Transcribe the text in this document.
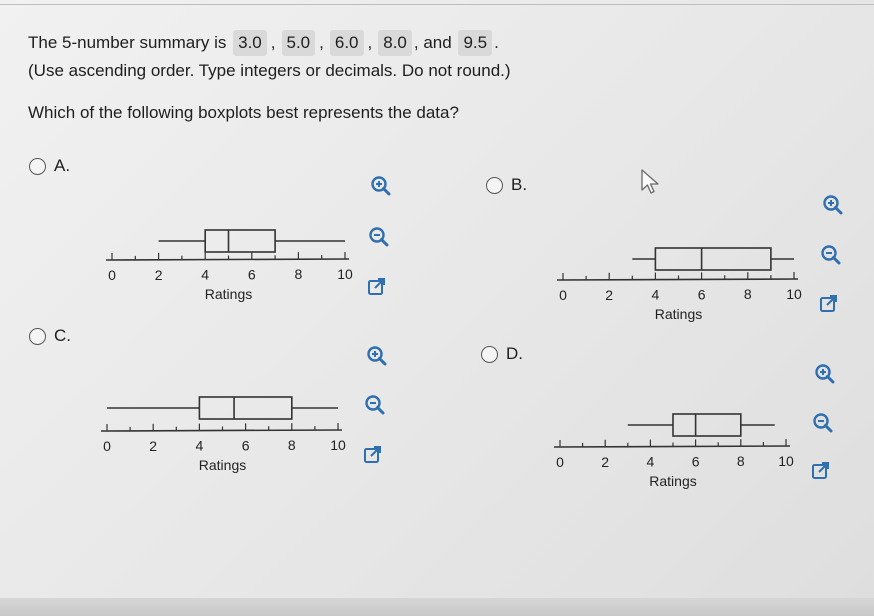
The 5-number summary is
3.0 , 5.0 , 6.0 , 8.0 , and
9.5 .
(Use ascending order. Type integers or decimals. Do not round.)
Which of the following boxplots best represents the data?
A.
0	2	4	6	8 10
Ratings
B.
0	2	4	6	8 10
Ratings
C.
0	2	4	6	8 10
Ratings
D.
0	2	4	6	8 10
Ratings
